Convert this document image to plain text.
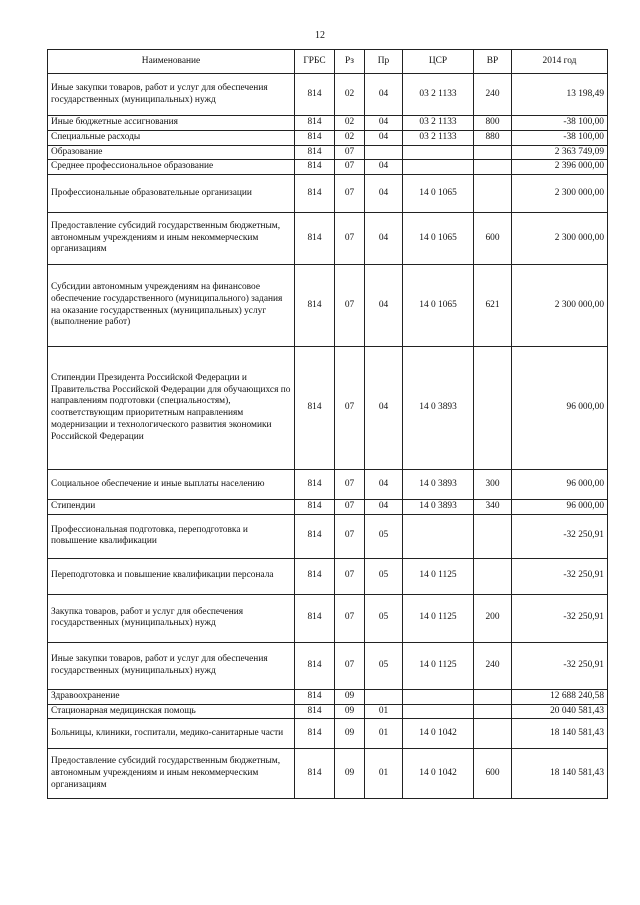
12
Наименование	ГРБС	Рз	Пр	ЦСР	ВР	2014 год
Иные закупки товаров, работ и услуг для обеспечения государственных (муниципальных) нужд	814	02	04	03 2 1133	240	13 198,49
Иные бюджетные ассигнования	814	02	04	03 2 1133	800	-38 100,00
Специальные расходы	814	02	04	03 2 1133	880	-38 100,00
Образование	814	07				2 363 749,09
Среднее профессиональное образование	814	07	04			2 396 000,00
Профессиональные образовательные организации	814	07	04	14 0 1065		2 300 000,00
Предоставление субсидий государственным бюджетным, автономным учреждениям и иным некоммерческим организациям	814	07	04	14 0 1065	600	2 300 000,00
Субсидии автономным учреждениям на финансовое обеспечение государственного (муниципального) задания на оказание государственных (муниципальных) услуг (выполнение работ)	814	07	04	14 0 1065	621	2 300 000,00
Стипендии Президента Российской Федерации и Правительства Российской Федерации для обучающихся по направлениям подготовки (специальностям), соответствующим приоритетным направлениям модернизации и технологического развития экономики Российской Федерации	814	07	04	14 0 3893		96 000,00
Социальное обеспечение и иные выплаты населению	814	07	04	14 0 3893	300	96 000,00
Стипендии	814	07	04	14 0 3893	340	96 000,00
Профессиональная подготовка, переподготовка и повышение квалификации	814	07	05			-32 250,91
Переподготовка и повышение квалификации персонала	814	07	05	14 0 1125		-32 250,91
Закупка товаров, работ и услуг для обеспечения государственных (муниципальных) нужд	814	07	05	14 0 1125	200	-32 250,91
Иные закупки товаров, работ и услуг для обеспечения государственных (муниципальных) нужд	814	07	05	14 0 1125	240	-32 250,91
Здравоохранение	814	09				12 688 240,58
Стационарная медицинская помощь	814	09	01			20 040 581,43
Больницы, клиники, госпитали, медико-санитарные части	814	09	01	14 0 1042		18 140 581,43
Предоставление субсидий государственным бюджетным, автономным учреждениям и иным некоммерческим организациям	814	09	01	14 0 1042	600	18 140 581,43
